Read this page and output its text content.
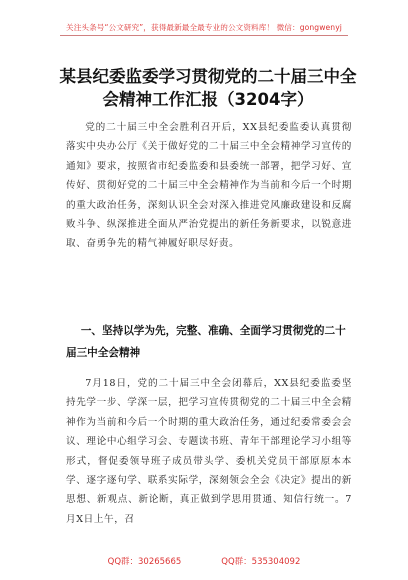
关注头条号“公文研究”，获得最新最全最专业的公文资料库！ 微信：gongwenyj
某县纪委监委学习贯彻党的二十届三中全会精神工作汇报（3204字）
党的二十届三中全会胜利召开后，XX县纪委监委认真贯彻落实中央办公厅《关于做好党的二十届三中全会精神学习宣传的通知》要求，按照省市纪委监委和县委统一部署，把学习好、宣传好、贯彻好党的二十届三中全会精神作为当前和今后一个时期的重大政治任务，深刻认识全会对深入推进党风廉政建设和反腐败斗争、纵深推进全面从严治党提出的新任务新要求，以锐意进取、奋勇争先的精气神履好职尽好责。
一、坚持以学为先，完整、准确、全面学习贯彻党的二十届三中全会精神
7月18日，党的二十届三中全会闭幕后，XX县纪委监委坚持先学一步、学深一层，把学习宣传贯彻党的二十届三中全会精神作为当前和今后一个时期的重大政治任务，通过纪委常委会会议、理论中心组学习会、专题读书班、青年干部理论学习小组等形式，督促委领导班子成员带头学、委机关党员干部原原本本学、逐字逐句学、联系实际学，深刻领会全会《决定》提出的新思想、新观点、新论断，真正做到学思用贯通、知信行统一。7月X日上午，召
QQ群：30265665	QQ群：535304092
